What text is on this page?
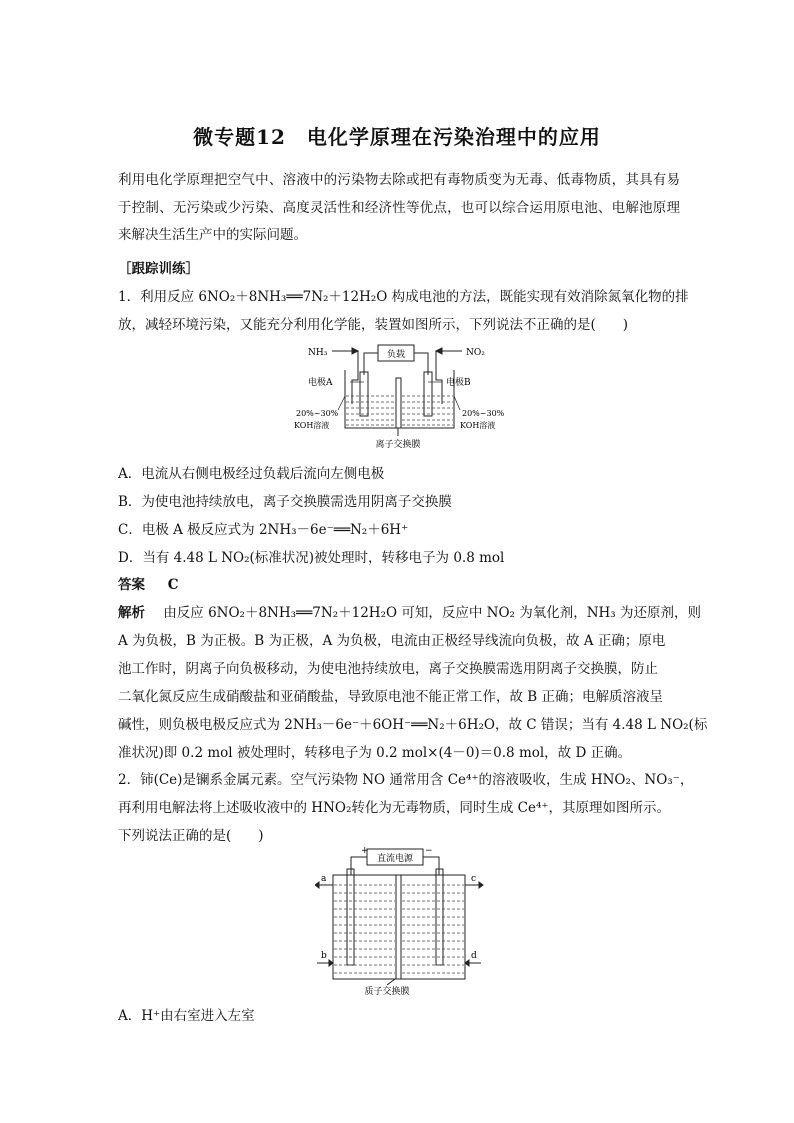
微专题12　电化学原理在污染治理中的应用

利用电化学原理把空气中、溶液中的污染物去除或把有毒物质变为无毒、低毒物质，其具有易于控制、无污染或少污染、高度灵活性和经济性等优点，也可以综合运用原电池、电解池原理来解决生活生产中的实际问题。

［跟踪训练］
1．利用反应 6NO₂＋8NH₃══7N₂＋12H₂O 构成电池的方法，既能实现有效消除氮氧化物的排
放，减轻环境污染，又能充分利用化学能，装置如图所示，下列说法不正确的是(　　)
NH₃	NO₂
负载
电极A	电极B
20%~30%
KOH溶液
20%~30%
KOH溶液
离子交换膜
A．电流从右侧电极经过负载后流向左侧电极
B．为使电池持续放电，离子交换膜需选用阴离子交换膜
C．电极 A 极反应式为 2NH₃－6e⁻══N₂＋6H⁺
D．当有 4.48 L NO₂(标准状况)被处理时，转移电子为 0.8 mol
答案 C
解析 由反应 6NO₂＋8NH₃══7N₂＋12H₂O 可知，反应中 NO₂ 为氧化剂，NH₃ 为还原剂，则
A 为负极，B 为正极。B 为正极，A 为负极，电流由正极经导线流向负极，故 A 正确；原电
池工作时，阴离子向负极移动，为使电池持续放电，离子交换膜需选用阴离子交换膜，防止
二氧化氮反应生成硝酸盐和亚硝酸盐，导致原电池不能正常工作，故 B 正确；电解质溶液呈
碱性，则负极电极反应式为 2NH₃－6e⁻＋6OH⁻══N₂＋6H₂O，故 C 错误；当有 4.48 L NO₂(标
准状况)即 0.2 mol 被处理时，转移电子为 0.2 mol×(4－0)＝0.8 mol，故 D 正确。
2．铈(Ce)是镧系金属元素。空气污染物 NO 通常用含 Ce⁴⁺的溶液吸收，生成 HNO₂、NO₃⁻，
再利用电解法将上述吸收液中的 HNO₂转化为无毒物质，同时生成 Ce⁴⁺，其原理如图所示。
下列说法正确的是(　　)
直流电源
+	−
a	c
b	d
质子交换膜
A．H⁺由右室进入左室
